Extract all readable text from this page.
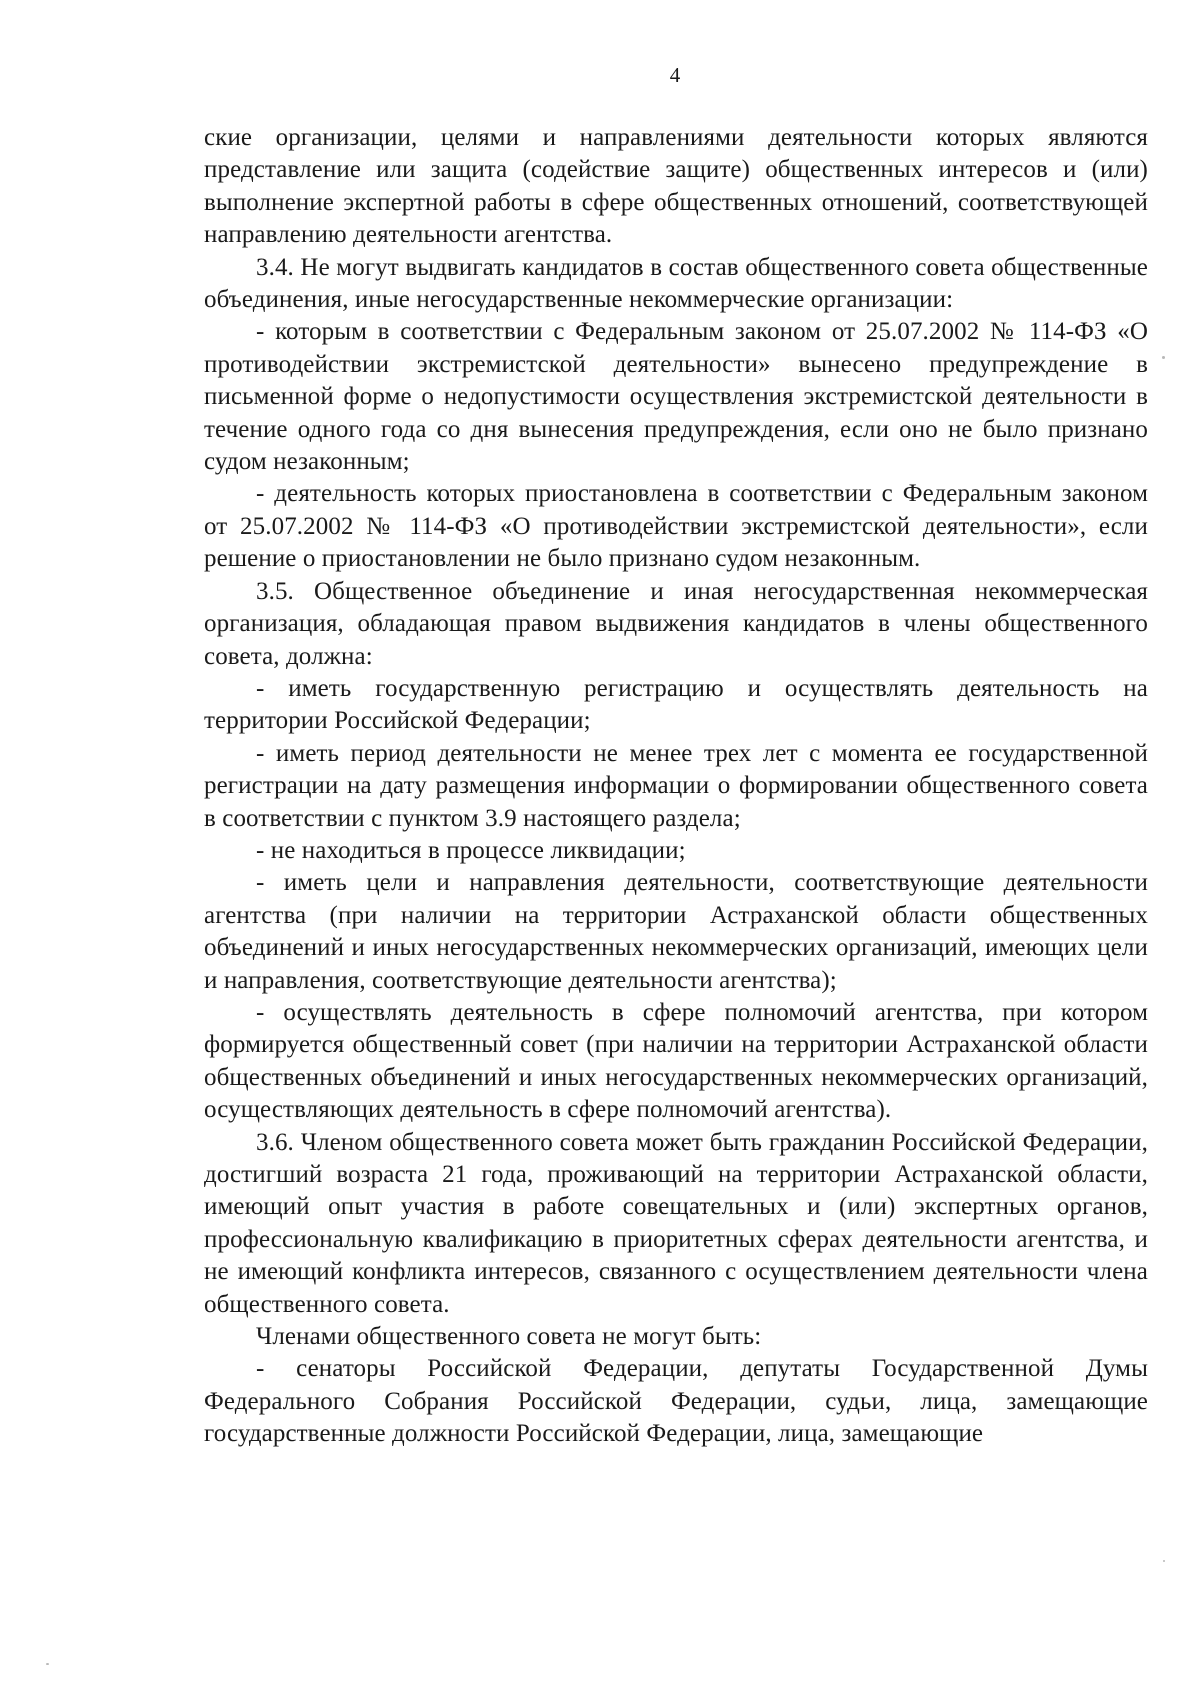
4

ские организации, целями и направлениями деятельности которых являются представление или защита (содействие защите) общественных интересов и (или) выполнение экспертной работы в сфере общественных отношений, соответствующей направлению деятельности агентства.

3.4. Не могут выдвигать кандидатов в состав общественного совета общественные объединения, иные негосударственные некоммерческие организации:

- которым в соответствии с Федеральным законом от 25.07.2002 № 114-ФЗ «О противодействии экстремистской деятельности» вынесено предупреждение в письменной форме о недопустимости осуществления экстремистской деятельности в течение одного года со дня вынесения предупреждения, если оно не было признано судом незаконным;

- деятельность которых приостановлена в соответствии с Федеральным законом от 25.07.2002 № 114-ФЗ «О противодействии экстремистской деятельности», если решение о приостановлении не было признано судом незаконным.

3.5. Общественное объединение и иная негосударственная некоммерческая организация, обладающая правом выдвижения кандидатов в члены общественного совета, должна:

- иметь государственную регистрацию и осуществлять деятельность на территории Российской Федерации;

- иметь период деятельности не менее трех лет с момента ее государственной регистрации на дату размещения информации о формировании общественного совета в соответствии с пунктом 3.9 настоящего раздела;

- не находиться в процессе ликвидации;

- иметь цели и направления деятельности, соответствующие деятельности агентства (при наличии на территории Астраханской области общественных объединений и иных негосударственных некоммерческих организаций, имеющих цели и направления, соответствующие деятельности агентства);

- осуществлять деятельность в сфере полномочий агентства, при котором формируется общественный совет (при наличии на территории Астраханской области общественных объединений и иных негосударственных некоммерческих организаций, осуществляющих деятельность в сфере полномочий агентства).

3.6. Членом общественного совета может быть гражданин Российской Федерации, достигший возраста 21 года, проживающий на территории Астраханской области, имеющий опыт участия в работе совещательных и (или) экспертных органов, профессиональную квалификацию в приоритетных сферах деятельности агентства, и не имеющий конфликта интересов, связанного с осуществлением деятельности члена общественного совета.

Членами общественного совета не могут быть:

- сенаторы Российской Федерации, депутаты Государственной Думы Федерального Собрания Российской Федерации, судьи, лица, замещающие государственные должности Российской Федерации, лица, замещающие
